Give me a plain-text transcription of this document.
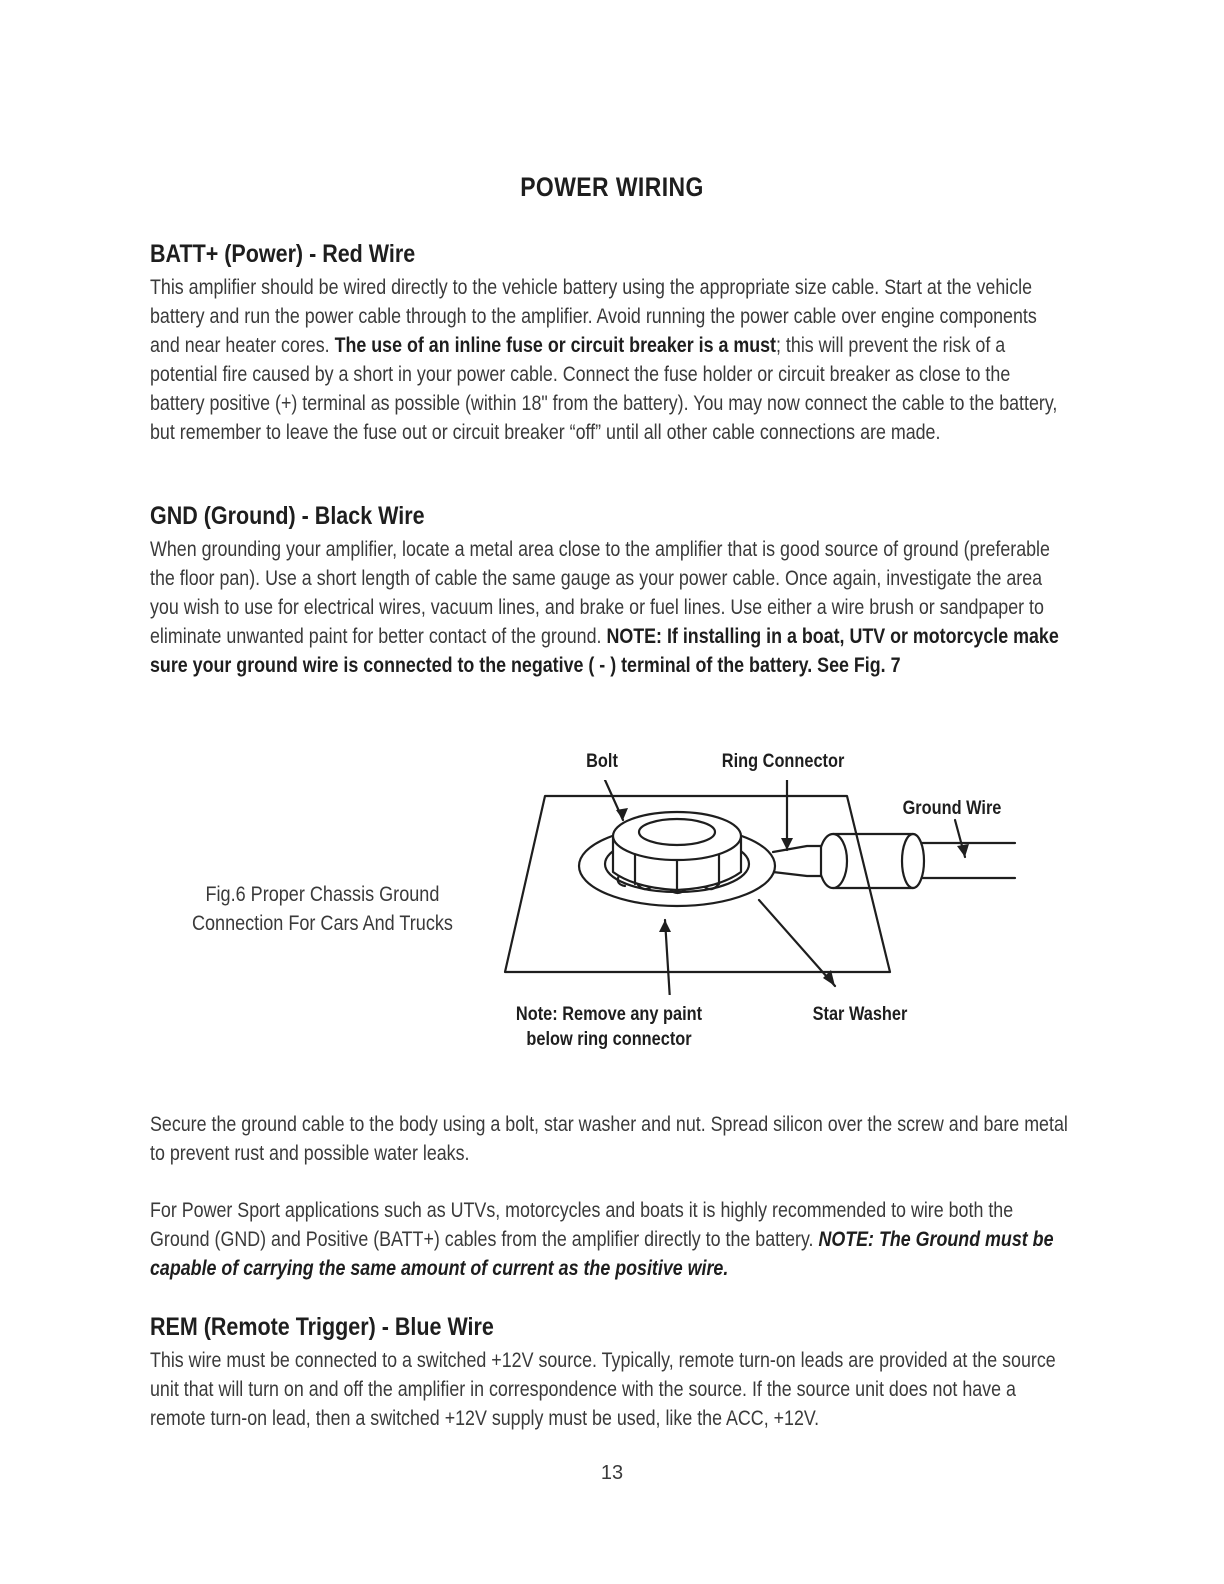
POWER WIRING
BATT+ (Power) - Red Wire

This amplifier should be wired directly to the vehicle battery using the appropriate size cable. Start at the vehicle battery and run the power cable through to the amplifier. Avoid running the power cable over engine components and near heater cores. The use of an inline fuse or circuit breaker is a must; this will prevent the risk of a potential fire caused by a short in your power cable. Connect the fuse holder or circuit breaker as close to the battery positive (+) terminal as possible (within 18" from the battery). You may now connect the cable to the battery, but remember to leave the fuse out or circuit breaker “off” until all other cable connections are made.

GND (Ground) - Black Wire

When grounding your amplifier, locate a metal area close to the amplifier that is good source of ground (preferable the floor pan). Use a short length of cable the same gauge as your power cable. Once again, investigate the area you wish to use for electrical wires, vacuum lines, and brake or fuel lines. Use either a wire brush or sandpaper to eliminate unwanted paint for better contact of the ground. NOTE: If installing in a boat, UTV or motorcycle make sure your ground wire is connected to the negative ( - ) terminal of the battery. See Fig. 7

Fig.6 Proper Chassis Ground
Connection For Cars And Trucks
Bolt	Ring Connector
Ground Wire
Note: Remove any paint
below ring connector
Star Washer

Secure the ground cable to the body using a bolt, star washer and nut. Spread silicon over the screw and bare metal to prevent rust and possible water leaks.

For Power Sport applications such as UTVs, motorcycles and boats it is highly recommended to wire both the Ground (GND) and Positive (BATT+) cables from the amplifier directly to the battery. NOTE: The Ground must be capable of carrying the same amount of current as the positive wire.

REM (Remote Trigger) - Blue Wire

This wire must be connected to a switched +12V source. Typically, remote turn-on leads are provided at the source unit that will turn on and off the amplifier in correspondence with the source. If the source unit does not have a remote turn-on lead, then a switched +12V supply must be used, like the ACC, +12V.

13
